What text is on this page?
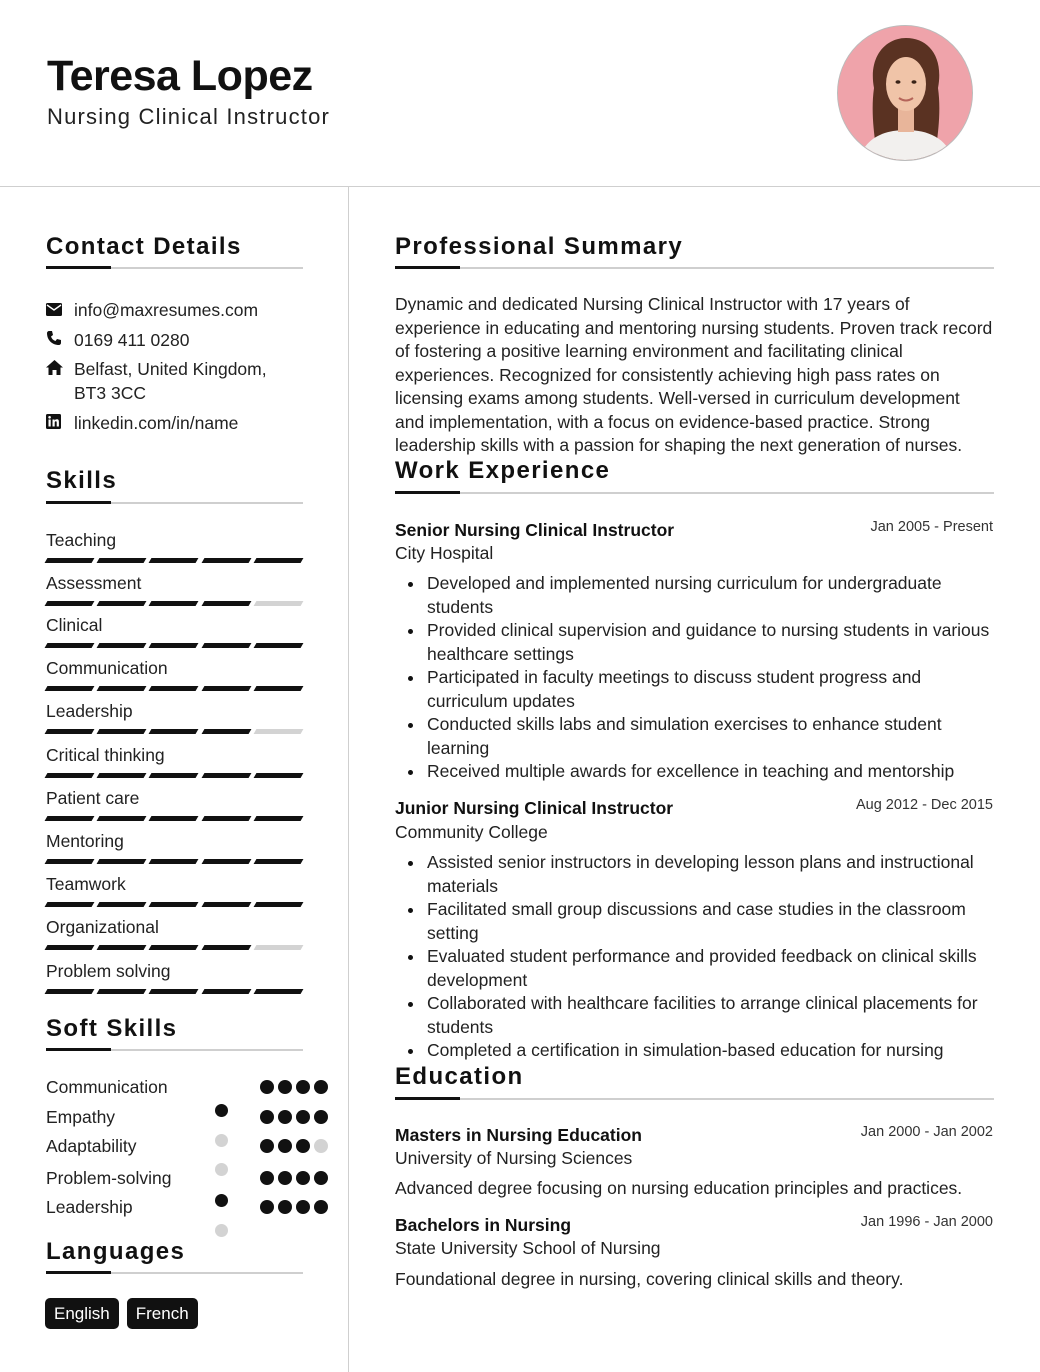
Teresa Lopez
Nursing Clinical Instructor
Contact Details
info@maxresumes.com
0169 411 0280
Belfast, United Kingdom,
BT3 3CC
linkedin.com/in/name
Skills
Teaching
Assessment
Clinical
Communication
Leadership
Critical thinking
Patient care
Mentoring
Teamwork
Organizational
Problem solving
Soft Skills
Communication
Empathy
Adaptability
Problem-solving
Leadership
Languages
English	French
Professional Summary
Dynamic and dedicated Nursing Clinical Instructor with 17 years of experience in educating and mentoring nursing students. Proven track record of fostering a positive learning environment and facilitating clinical experiences. Recognized for consistently achieving high pass rates on licensing exams among students. Well-versed in curriculum development and implementation, with a focus on evidence-based practice. Strong leadership skills with a passion for shaping the next generation of nurses.
Work Experience
Senior Nursing Clinical Instructor	Jan 2005 - Present
City Hospital
Developed and implemented nursing curriculum for undergraduate students
Provided clinical supervision and guidance to nursing students in various healthcare settings
Participated in faculty meetings to discuss student progress and curriculum updates
Conducted skills labs and simulation exercises to enhance student learning
Received multiple awards for excellence in teaching and mentorship
Junior Nursing Clinical Instructor	Aug 2012 - Dec 2015
Community College
Assisted senior instructors in developing lesson plans and instructional materials
Facilitated small group discussions and case studies in the classroom setting
Evaluated student performance and provided feedback on clinical skills development
Collaborated with healthcare facilities to arrange clinical placements for students
Completed a certification in simulation-based education for nursing
Education
Masters in Nursing Education	Jan 2000 - Jan 2002
University of Nursing Sciences
Advanced degree focusing on nursing education principles and practices.
Bachelors in Nursing	Jan 1996 - Jan 2000
State University School of Nursing
Foundational degree in nursing, covering clinical skills and theory.
